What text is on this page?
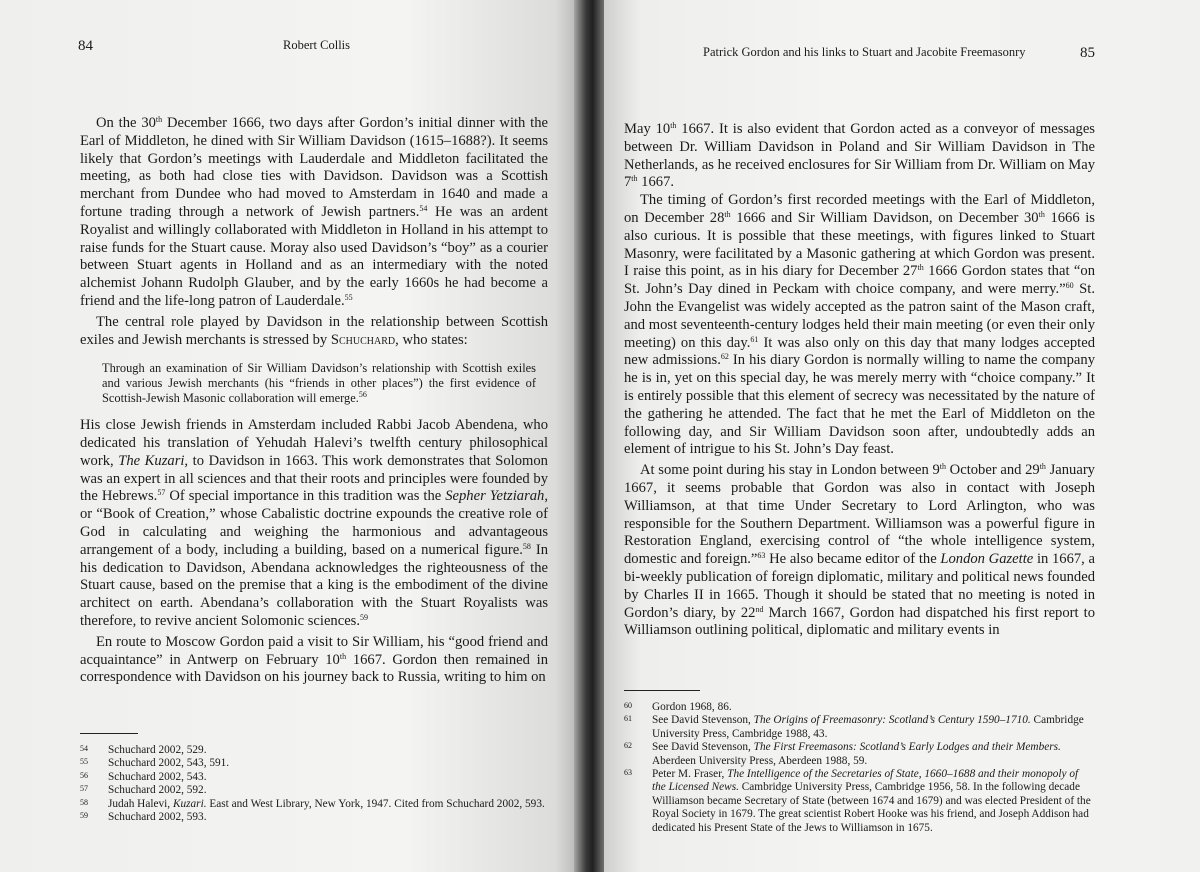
84	Robert Collis

On the 30th December 1666, two days after Gordon’s initial dinner with the Earl of Middleton, he dined with Sir William Davidson (1615–1688?). It seems likely that Gordon’s meetings with Lauderdale and Middleton facilitated the meeting, as both had close ties with Davidson. Davidson was a Scottish merchant from Dundee who had moved to Amsterdam in 1640 and made a fortune trading through a network of Jewish partners.$^{54}$ He was an ardent Royalist and willingly collaborated with Middleton in Holland in his attempt to raise funds for the Stuart cause. Moray also used Davidson’s “boy” as a courier between Stuart agents in Holland and as an intermediary with the noted alchemist Johann Rudolph Glauber, and by the early 1660s he had become a friend and the life-long patron of Lauderdale.$^{55}$

The central role played by Davidson in the relationship between Scottish exiles and Jewish merchants is stressed by Schuchard, who states:

Through an examination of Sir William Davidson’s relationship with Scottish exiles and various Jewish merchants (his “friends in other places”) the first evidence of Scottish-Jewish Masonic collaboration will emerge.$^{56}$

His close Jewish friends in Amsterdam included Rabbi Jacob Abendena, who dedicated his translation of Yehudah Halevi’s twelfth century philosophical work, The Kuzari, to Davidson in 1663. This work demonstrates that Solomon was an expert in all sciences and that their roots and principles were founded by the Hebrews.$^{57}$ Of special importance in this tradition was the Sepher Yetziarah, or “Book of Creation,” whose Cabalistic doctrine expounds the creative role of God in calculating and weighing the harmonious and advantageous arrangement of a body, including a building, based on a numerical figure.$^{58}$ In his dedication to Davidson, Abendana acknowledges the righteousness of the Stuart cause, based on the premise that a king is the embodiment of the divine architect on earth. Abendana’s collaboration with the Stuart Royalists was therefore, to revive ancient Solomonic sciences.$^{59}$

En route to Moscow Gordon paid a visit to Sir William, his “good friend and acquaintance” in Antwerp on February 10th 1667. Gordon then remained in correspondence with Davidson on his journey back to Russia, writing to him on

54 Schuchard 2002, 529.
55 Schuchard 2002, 543, 591.
56 Schuchard 2002, 543.
57 Schuchard 2002, 592.
58 Judah Halevi, Kuzari. East and West Library, New York, 1947. Cited from Schuchard 2002, 593.
59 Schuchard 2002, 593.
Patrick Gordon and his links to Stuart and Jacobite Freemasonry	85

May 10th 1667. It is also evident that Gordon acted as a conveyor of messages between Dr. William Davidson in Poland and Sir William Davidson in The Netherlands, as he received enclosures for Sir William from Dr. William on May 7th 1667.

The timing of Gordon’s first recorded meetings with the Earl of Middleton, on December 28th 1666 and Sir William Davidson, on December 30th 1666 is also curious. It is possible that these meetings, with figures linked to Stuart Masonry, were facilitated by a Masonic gathering at which Gordon was present. I raise this point, as in his diary for December 27th 1666 Gordon states that “on St. John’s Day dined in Peckam with choice company, and were merry.”$^{60}$ St. John the Evangelist was widely accepted as the patron saint of the Mason craft, and most seventeenth-century lodges held their main meeting (or even their only meeting) on this day.$^{61}$ It was also only on this day that many lodges accepted new admissions.$^{62}$ In his diary Gordon is normally willing to name the company he is in, yet on this special day, he was merely merry with “choice company.” It is entirely possible that this element of secrecy was necessitated by the nature of the gathering he attended. The fact that he met the Earl of Middleton on the following day, and Sir William Davidson soon after, undoubtedly adds an element of intrigue to his St. John’s Day feast.

At some point during his stay in London between 9th October and 29th January 1667, it seems probable that Gordon was also in contact with Joseph Williamson, at that time Under Secretary to Lord Arlington, who was responsible for the Southern Department. Williamson was a powerful figure in Restoration England, exercising control of “the whole intelligence system, domestic and foreign.”$^{63}$ He also became editor of the London Gazette in 1667, a bi-weekly publication of foreign diplomatic, military and political news founded by Charles II in 1665. Though it should be stated that no meeting is noted in Gordon’s diary, by 22nd March 1667, Gordon had dispatched his first report to Williamson outlining political, diplomatic and military events in

60 Gordon 1968, 86.
61 See David Stevenson, The Origins of Freemasonry: Scotland’s Century 1590–1710. Cambridge University Press, Cambridge 1988, 43.
62 See David Stevenson, The First Freemasons: Scotland’s Early Lodges and their Members. Aberdeen University Press, Aberdeen 1988, 59.
63 Peter M. Fraser, The Intelligence of the Secretaries of State, 1660–1688 and their monopoly of the Licensed News. Cambridge University Press, Cambridge 1956, 58. In the following decade Williamson became Secretary of State (between 1674 and 1679) and was elected President of the Royal Society in 1679. The great scientist Robert Hooke was his friend, and Joseph Addison had dedicated his Present State of the Jews to Williamson in 1675.
